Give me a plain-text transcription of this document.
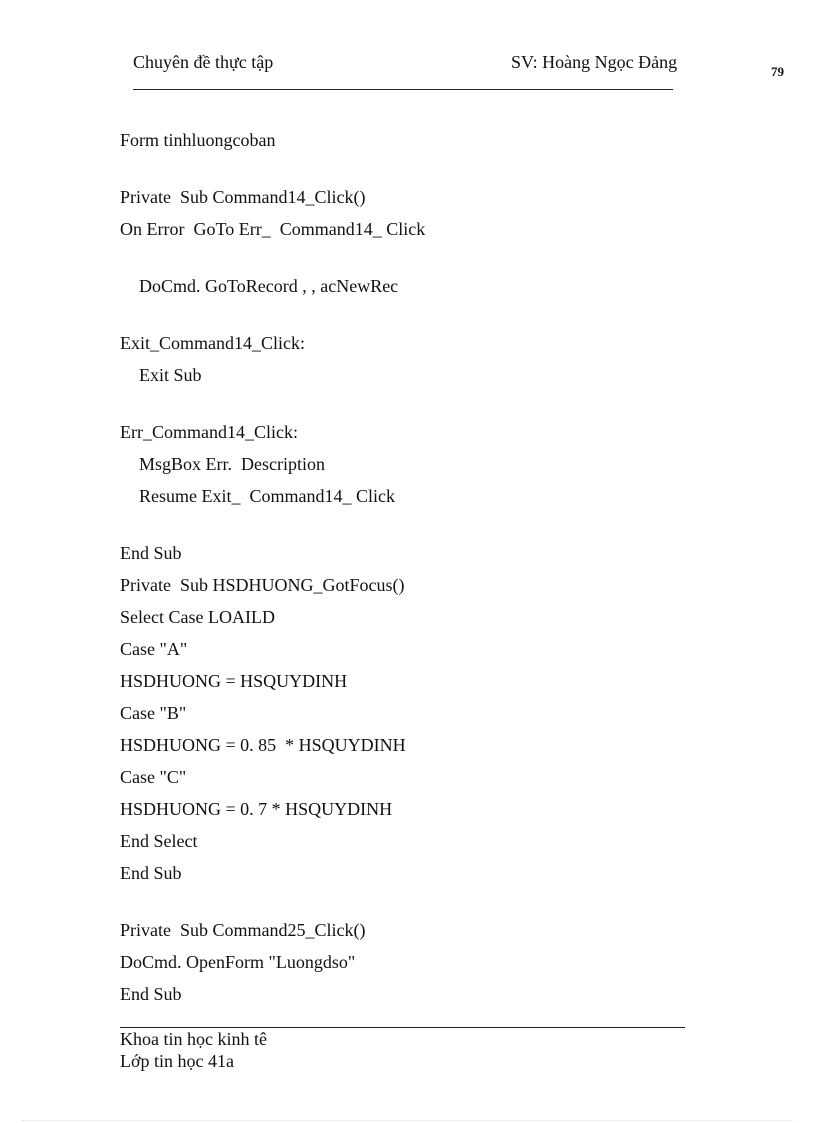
Chuyên đề thực tập	SV: Hoàng Ngọc Đảng	79
Form tinhluongcoban
Private  Sub Command14_Click()
On Error  GoTo Err_  Command14_ Click
DoCmd. GoToRecord , , acNewRec
Exit_Command14_Click:
Exit Sub
Err_Command14_Click:
MsgBox Err.  Description
Resume Exit_  Command14_ Click
End Sub
Private  Sub HSDHUONG_GotFocus()
Select Case LOAILD
Case "A"
HSDHUONG = HSQUYDINH
Case "B"
HSDHUONG = 0. 85  * HSQUYDINH
Case "C"
HSDHUONG = 0. 7 * HSQUYDINH
End Select
End Sub
Private  Sub Command25_Click()
DoCmd. OpenForm "Luongdso"
End Sub
Khoa tin học kinh tê
Lớp tin học 41a
